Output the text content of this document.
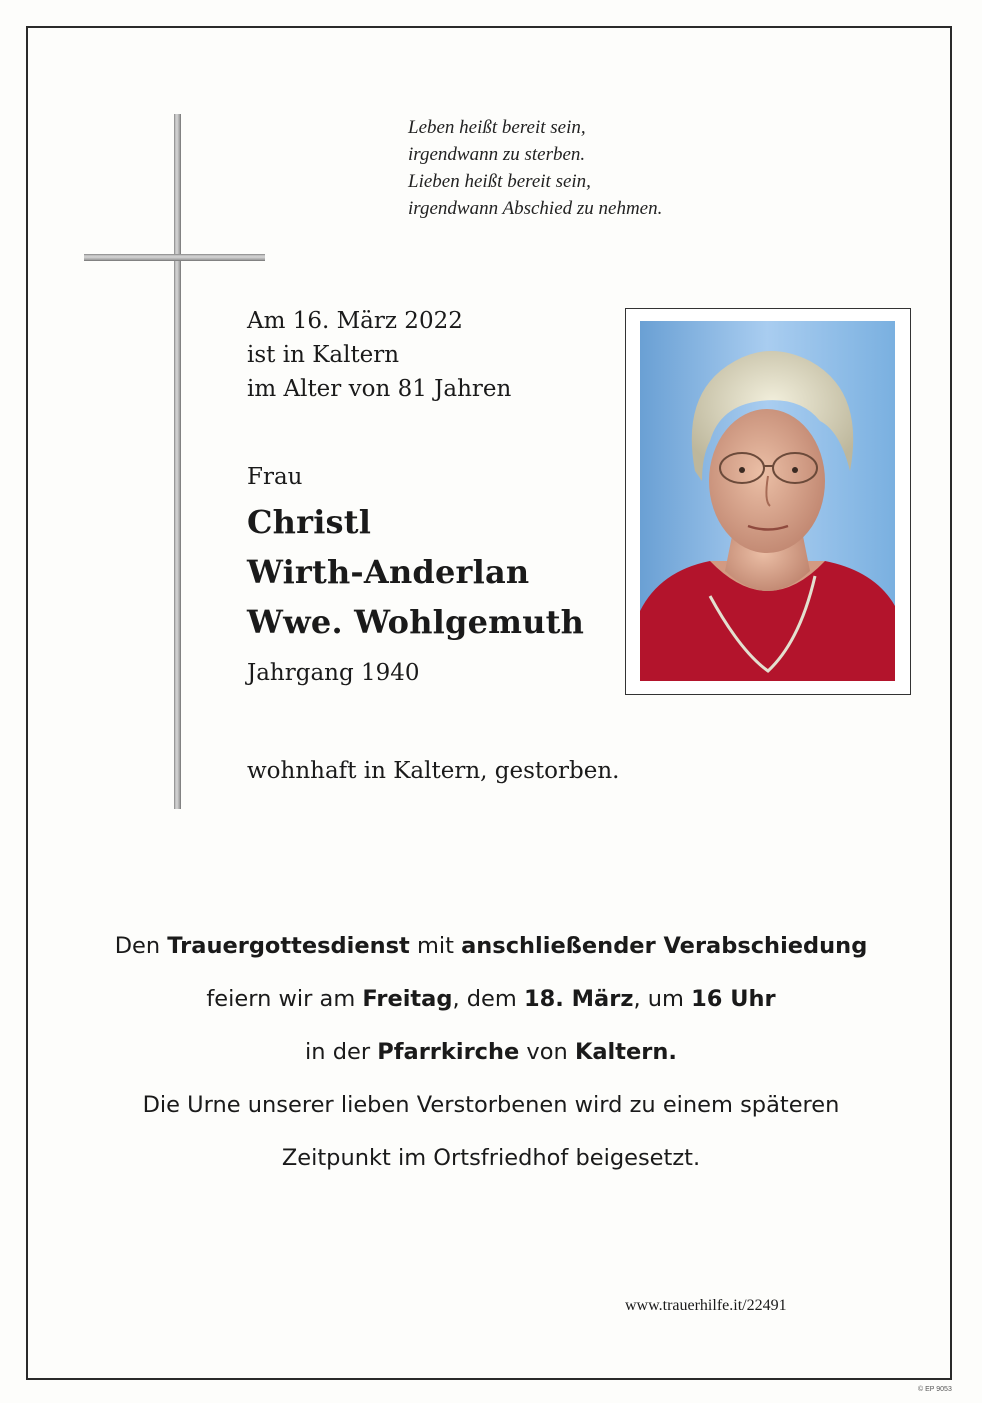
Leben heißt bereit sein,
irgendwann zu sterben.
Lieben heißt bereit sein,
irgendwann Abschied zu nehmen.
Am 16. März 2022
ist in Kaltern
im Alter von 81 Jahren
Frau
Christl
Wirth-Anderlan
Wwe. Wohlgemuth
Jahrgang 1940
wohnhaft in Kaltern, gestorben.
Den Trauergottesdienst mit anschließender Verabschiedung
feiern wir am Freitag, dem 18. März, um 16 Uhr
in der Pfarrkirche von Kaltern.
Die Urne unserer lieben Verstorbenen wird zu einem späteren
Zeitpunkt im Ortsfriedhof beigesetzt.
www.trauerhilfe.it/22491
© EP 9053
